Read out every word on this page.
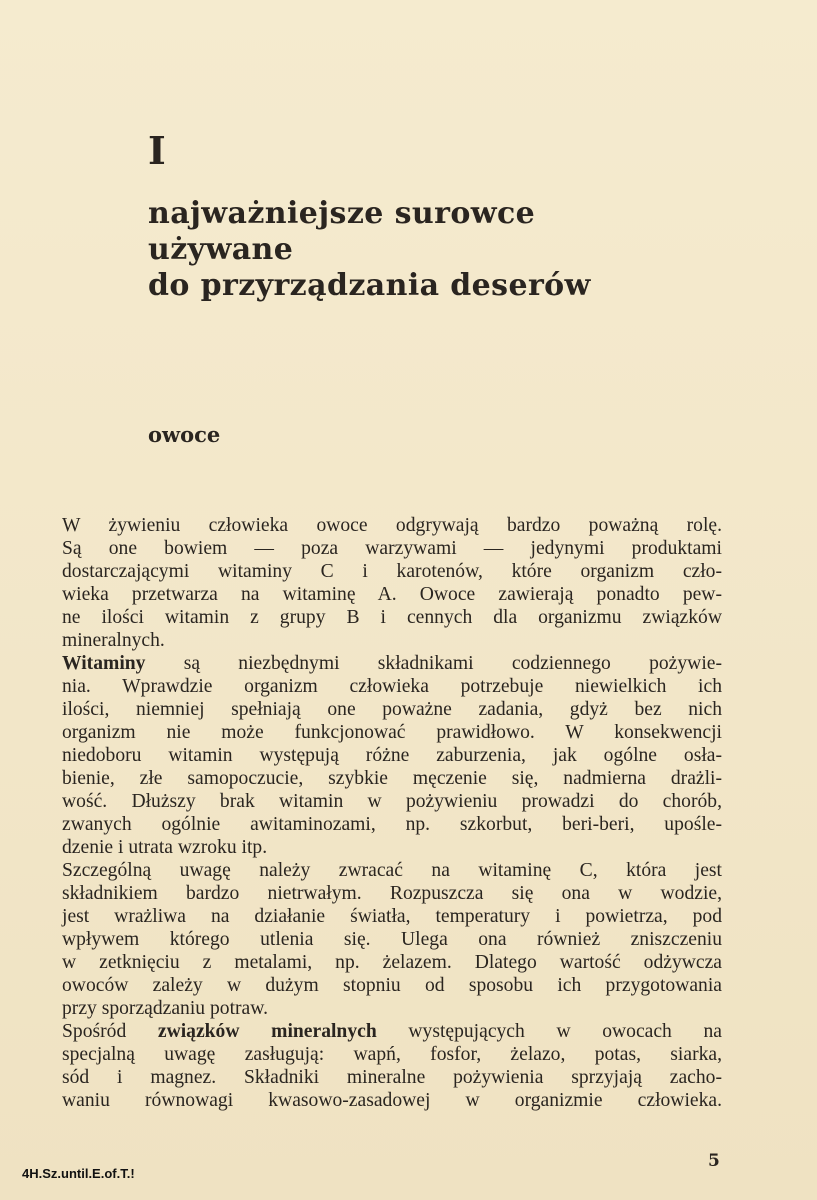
I
najważniejsze surowce
używane
do przyrządzania deserów
owoce

W żywieniu człowieka owoce odgrywają bardzo poważną rolę.
Są one bowiem — poza warzywami — jedynymi produktami
dostarczającymi witaminy C i karotenów, które organizm czło-
wieka przetwarza na witaminę A. Owoce zawierają ponadto pew-
ne ilości witamin z grupy B i cennych dla organizmu związków
mineralnych.

Witaminy są niezbędnymi składnikami codziennego pożywie-
nia. Wprawdzie organizm człowieka potrzebuje niewielkich ich
ilości, niemniej spełniają one poważne zadania, gdyż bez nich
organizm nie może funkcjonować prawidłowo. W konsekwencji
niedoboru witamin występują różne zaburzenia, jak ogólne osła-
bienie, złe samopoczucie, szybkie męczenie się, nadmierna drażli-
wość. Dłuższy brak witamin w pożywieniu prowadzi do chorób,
zwanych ogólnie awitaminozami, np. szkorbut, beri-beri, upośle-
dzenie i utrata wzroku itp.

Szczególną uwagę należy zwracać na witaminę C, która jest
składnikiem bardzo nietrwałym. Rozpuszcza się ona w wodzie,
jest wrażliwa na działanie światła, temperatury i powietrza, pod
wpływem którego utlenia się. Ulega ona również zniszczeniu
w zetknięciu z metalami, np. żelazem. Dlatego wartość odżywcza
owoców zależy w dużym stopniu od sposobu ich przygotowania
przy sporządzaniu potraw.

Spośród związków mineralnych występujących w owocach na
specjalną uwagę zasługują: wapń, fosfor, żelazo, potas, siarka,
sód i magnez. Składniki mineralne pożywienia sprzyjają zacho-
waniu równowagi kwasowo-zasadowej w organizmie człowieka.

4H.Sz.until.E.of.T.!
5
